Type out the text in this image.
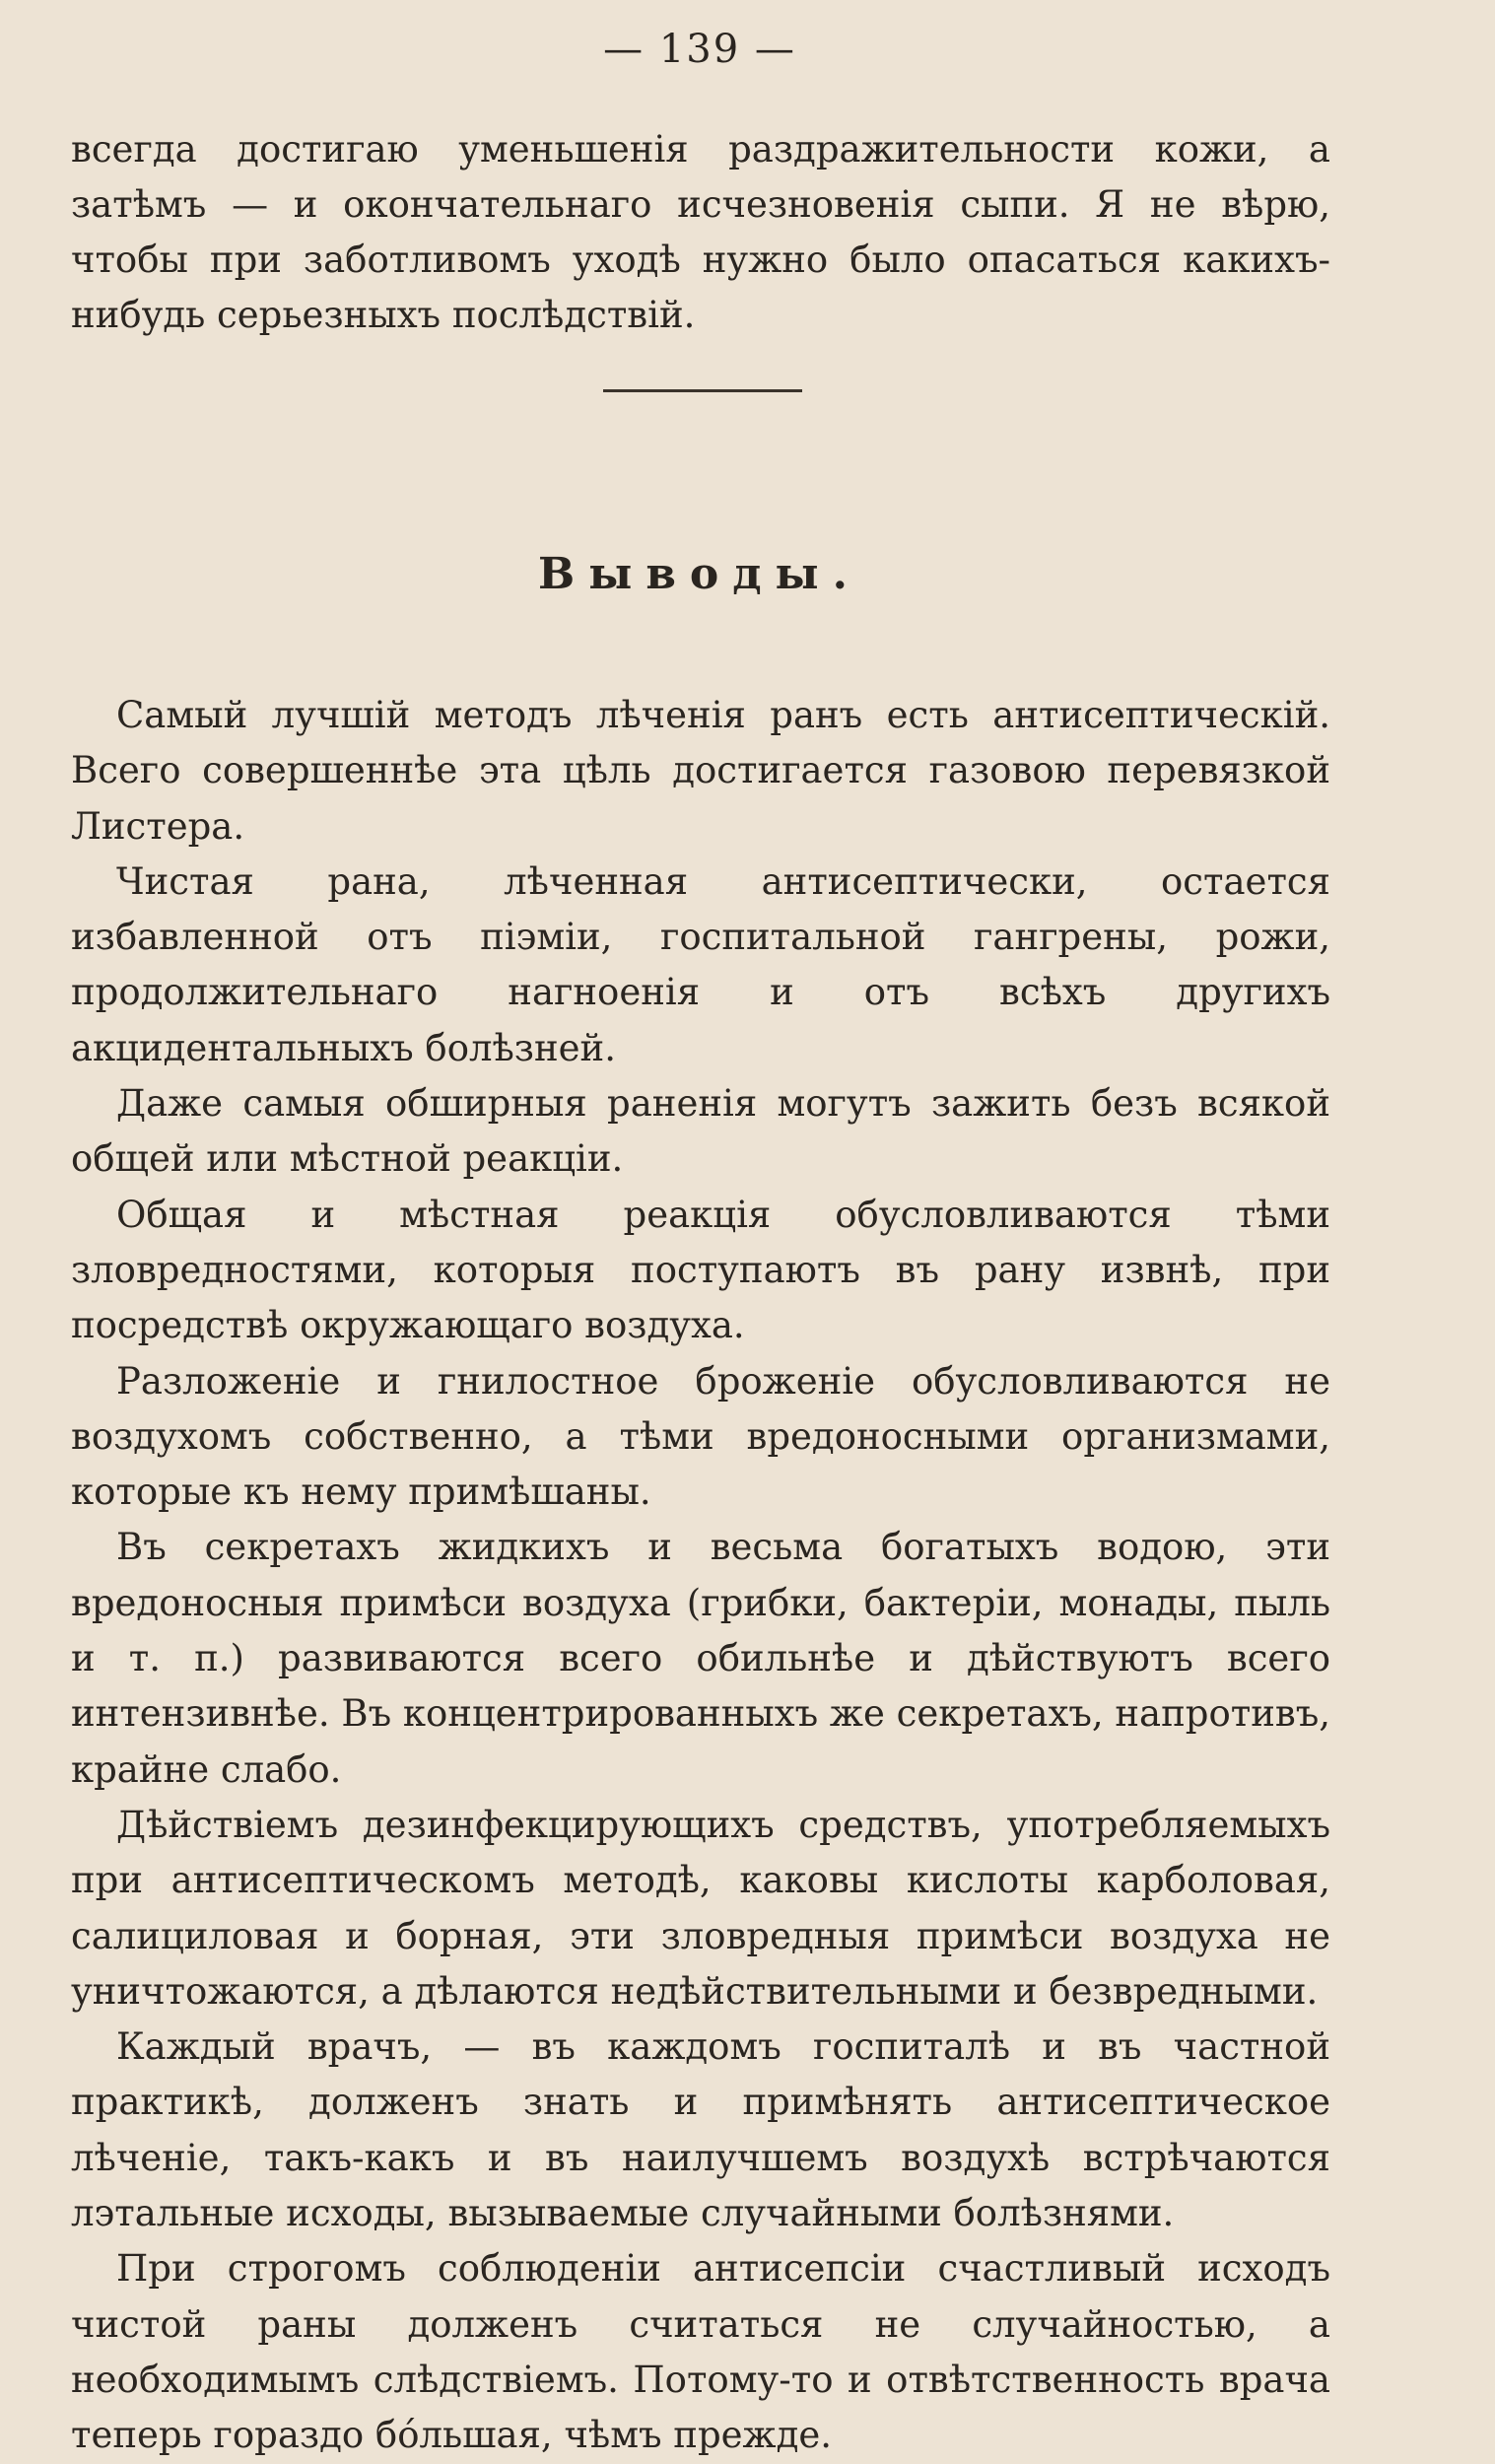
— 139 —

всегда достигаю уменьшенія раздражительности кожи, а затѣмъ — и окончательнаго исчезновенія сыпи. Я не вѣрю, чтобы при заботливомъ уходѣ нужно было опасаться какихъ-нибудь серьезныхъ послѣдствій.

Выводы.

Самый лучшій методъ лѣченія ранъ есть антисептическій. Всего совершеннѣе эта цѣль достигается газовою перевязкой Листера.

Чистая рана, лѣченная антисептически, остается избавленной отъ піэміи, госпитальной гангрены, рожи, продолжительнаго нагноенія и отъ всѣхъ другихъ акцидентальныхъ болѣзней.

Даже самыя обширныя раненія могутъ зажить безъ всякой общей или мѣстной реакціи.

Общая и мѣстная реакція обусловливаются тѣми зловредностями, которыя поступаютъ въ рану извнѣ, при посредствѣ окружающаго воздуха.

Разложеніе и гнилостное броженіе обусловливаются не воздухомъ собственно, а тѣми вредоносными организмами, которые къ нему примѣшаны.

Въ секретахъ жидкихъ и весьма богатыхъ водою, эти вредоносныя примѣси воздуха (грибки, бактеріи, монады, пыль и т. п.) развиваются всего обильнѣе и дѣйствуютъ всего интензивнѣе. Въ концентрированныхъ же секретахъ, напротивъ, крайне слабо.

Дѣйствіемъ дезинфекцирующихъ средствъ, употребляемыхъ при антисептическомъ методѣ, каковы кислоты карболовая, салициловая и борная, эти зловредныя примѣси воздуха не уничтожаются, а дѣлаются недѣйствительными и безвредными.

Каждый врачъ, — въ каждомъ госпиталѣ и въ частной практикѣ, долженъ знать и примѣнять антисептическое лѣченіе, такъ-какъ и въ наилучшемъ воздухѣ встрѣчаются лэтальные исходы, вызываемые случайными болѣзнями.

При строгомъ соблюденіи антисепсіи счастливый исходъ чистой раны долженъ считаться не случайностью, а необходимымъ слѣдствіемъ. Потому-то и отвѣтственность врача теперь гораздо бóльшая, чѣмъ прежде.
